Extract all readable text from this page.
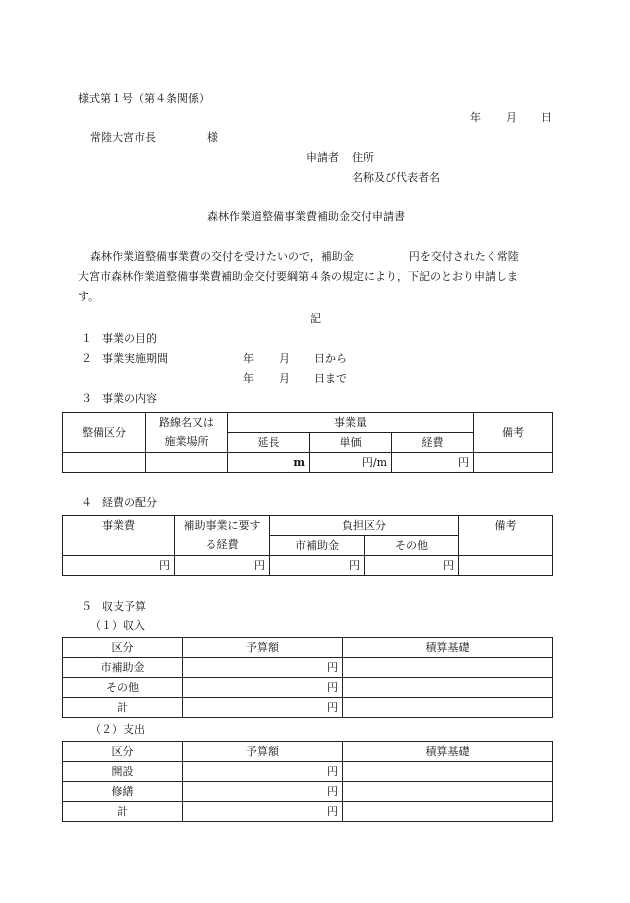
様式第１号（第４条関係）
年 月 日
常陸大宮市長	様
申請者 住所
名称及び代表者名
森林作業道整備事業費補助金交付申請書
森林作業道整備事業費の交付を受けたいので，補助金　　　　　円を交付されたく常陸
大宮市森林作業道整備事業費補助金交付要綱第４条の規定により，下記のとおり申請しま
す。
記
１ 事業の目的
２ 事業実施期間	年 月 日から
年 月 日まで
３ 事業の内容
整備区分	路線名又は	事業量			備考
	施業場所	延長	単価	経費	
		m	円/m	円	
４ 経費の配分
事業費	補助事業に要す	負担区分		備考
	る経費	市補助金	その他	
円	円	円	円	
５ 収支予算
（１）収入
区分	予算額	積算基礎
市補助金	円	
その他	円	
計	円	
（２）支出
区分	予算額	積算基礎
開設	円	
修繕	円	
計	円	
